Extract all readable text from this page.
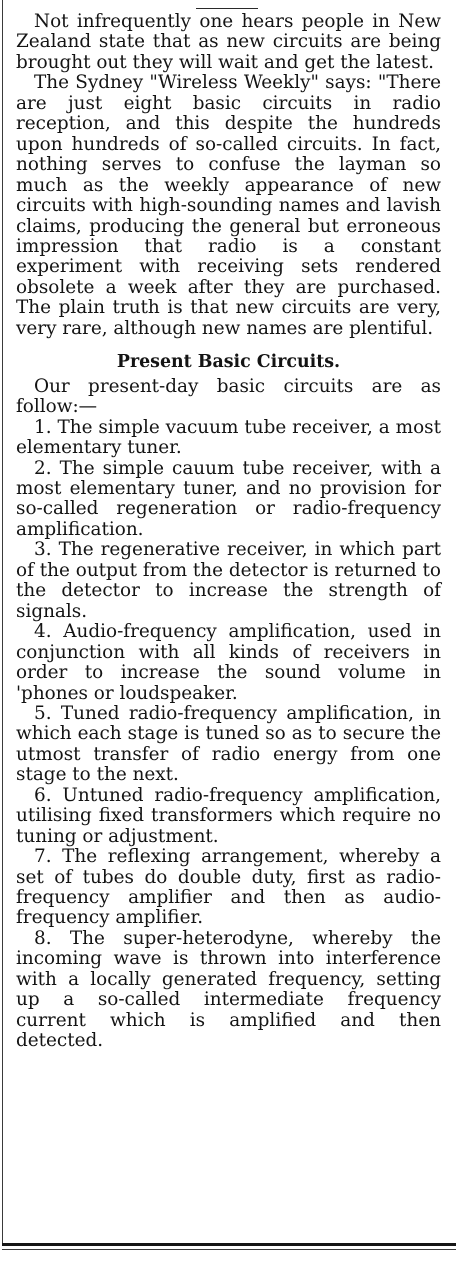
Not infrequently one hears people in New Zealand state that as new circuits are being brought out they will wait and get the latest.

The Sydney "Wireless Weekly" says: "There are just eight basic circuits in radio reception, and this despite the hundreds upon hundreds of so-called circuits. In fact, nothing serves to confuse the layman so much as the weekly appearance of new circuits with high-sounding names and lavish claims, producing the general but erroneous impression that radio is a constant experiment with receiving sets rendered obsolete a week after they are purchased. The plain truth is that new circuits are very, very rare, although new names are plentiful.

Present Basic Circuits.

Our present-day basic circuits are as follow:—

1. The simple vacuum tube receiver, a most elementary tuner.

2. The simple cauum tube receiver, with a most elementary tuner, and no provision for so-called regeneration or radio-frequency amplification.

3. The regenerative receiver, in which part of the output from the detector is returned to the detector to increase the strength of signals.

4. Audio-frequency amplification, used in conjunction with all kinds of receivers in order to increase the sound volume in 'phones or loudspeaker.

5. Tuned radio-frequency amplification, in which each stage is tuned so as to secure the utmost transfer of radio energy from one stage to the next.

6. Untuned radio-frequency amplification, utilising fixed transformers which require no tuning or adjustment.

7. The reflexing arrangement, whereby a set of tubes do double duty, first as radio-frequency amplifier and then as audio-frequency amplifier.

8. The super-heterodyne, whereby the incoming wave is thrown into interference with a locally generated frequency, setting up a so-called intermediate frequency current which is amplified and then detected.
